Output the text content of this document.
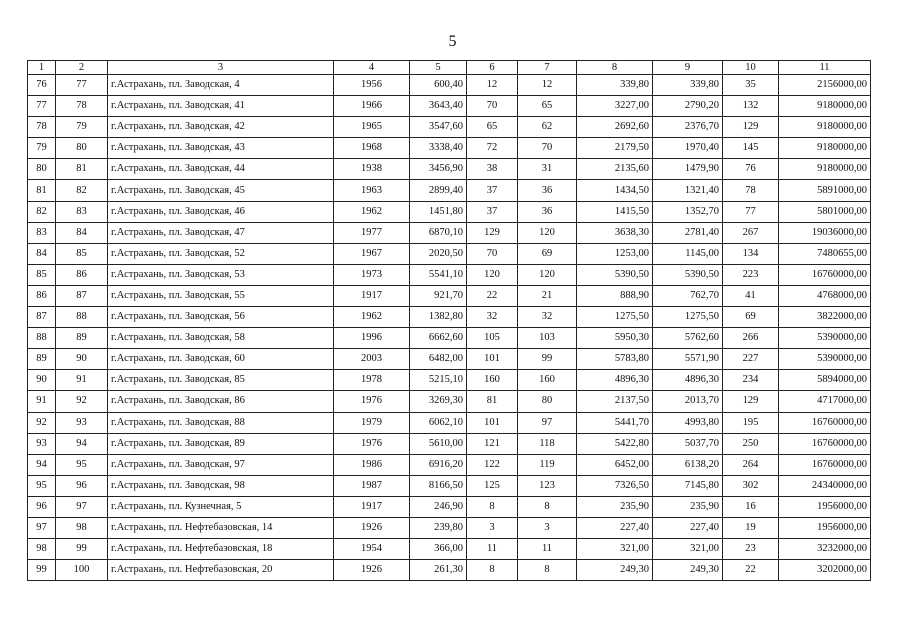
5
1	2	3	4	5	6	7	8	9	10	11
76	77	г.Астрахань, пл. Заводская, 4	1956	600,40	12	12	339,80	339,80	35	2156000,00
77	78	г.Астрахань, пл. Заводская, 41	1966	3643,40	70	65	3227,00	2790,20	132	9180000,00
78	79	г.Астрахань, пл. Заводская, 42	1965	3547,60	65	62	2692,60	2376,70	129	9180000,00
79	80	г.Астрахань, пл. Заводская, 43	1968	3338,40	72	70	2179,50	1970,40	145	9180000,00
80	81	г.Астрахань, пл. Заводская, 44	1938	3456,90	38	31	2135,60	1479,90	76	9180000,00
81	82	г.Астрахань, пл. Заводская, 45	1963	2899,40	37	36	1434,50	1321,40	78	5891000,00
82	83	г.Астрахань, пл. Заводская, 46	1962	1451,80	37	36	1415,50	1352,70	77	5801000,00
83	84	г.Астрахань, пл. Заводская, 47	1977	6870,10	129	120	3638,30	2781,40	267	19036000,00
84	85	г.Астрахань, пл. Заводская, 52	1967	2020,50	70	69	1253,00	1145,00	134	7480655,00
85	86	г.Астрахань, пл. Заводская, 53	1973	5541,10	120	120	5390,50	5390,50	223	16760000,00
86	87	г.Астрахань, пл. Заводская, 55	1917	921,70	22	21	888,90	762,70	41	4768000,00
87	88	г.Астрахань, пл. Заводская, 56	1962	1382,80	32	32	1275,50	1275,50	69	3822000,00
88	89	г.Астрахань, пл. Заводская, 58	1996	6662,60	105	103	5950,30	5762,60	266	5390000,00
89	90	г.Астрахань, пл. Заводская, 60	2003	6482,00	101	99	5783,80	5571,90	227	5390000,00
90	91	г.Астрахань, пл. Заводская, 85	1978	5215,10	160	160	4896,30	4896,30	234	5894000,00
91	92	г.Астрахань, пл. Заводская, 86	1976	3269,30	81	80	2137,50	2013,70	129	4717000,00
92	93	г.Астрахань, пл. Заводская, 88	1979	6062,10	101	97	5441,70	4993,80	195	16760000,00
93	94	г.Астрахань, пл. Заводская, 89	1976	5610,00	121	118	5422,80	5037,70	250	16760000,00
94	95	г.Астрахань, пл. Заводская, 97	1986	6916,20	122	119	6452,00	6138,20	264	16760000,00
95	96	г.Астрахань, пл. Заводская, 98	1987	8166,50	125	123	7326,50	7145,80	302	24340000,00
96	97	г.Астрахань, пл. Кузнечная, 5	1917	246,90	8	8	235,90	235,90	16	1956000,00
97	98	г.Астрахань, пл. Нефтебазовская, 14	1926	239,80	3	3	227,40	227,40	19	1956000,00
98	99	г.Астрахань, пл. Нефтебазовская, 18	1954	366,00	11	11	321,00	321,00	23	3232000,00
99	100	г.Астрахань, пл. Нефтебазовская, 20	1926	261,30	8	8	249,30	249,30	22	3202000,00
